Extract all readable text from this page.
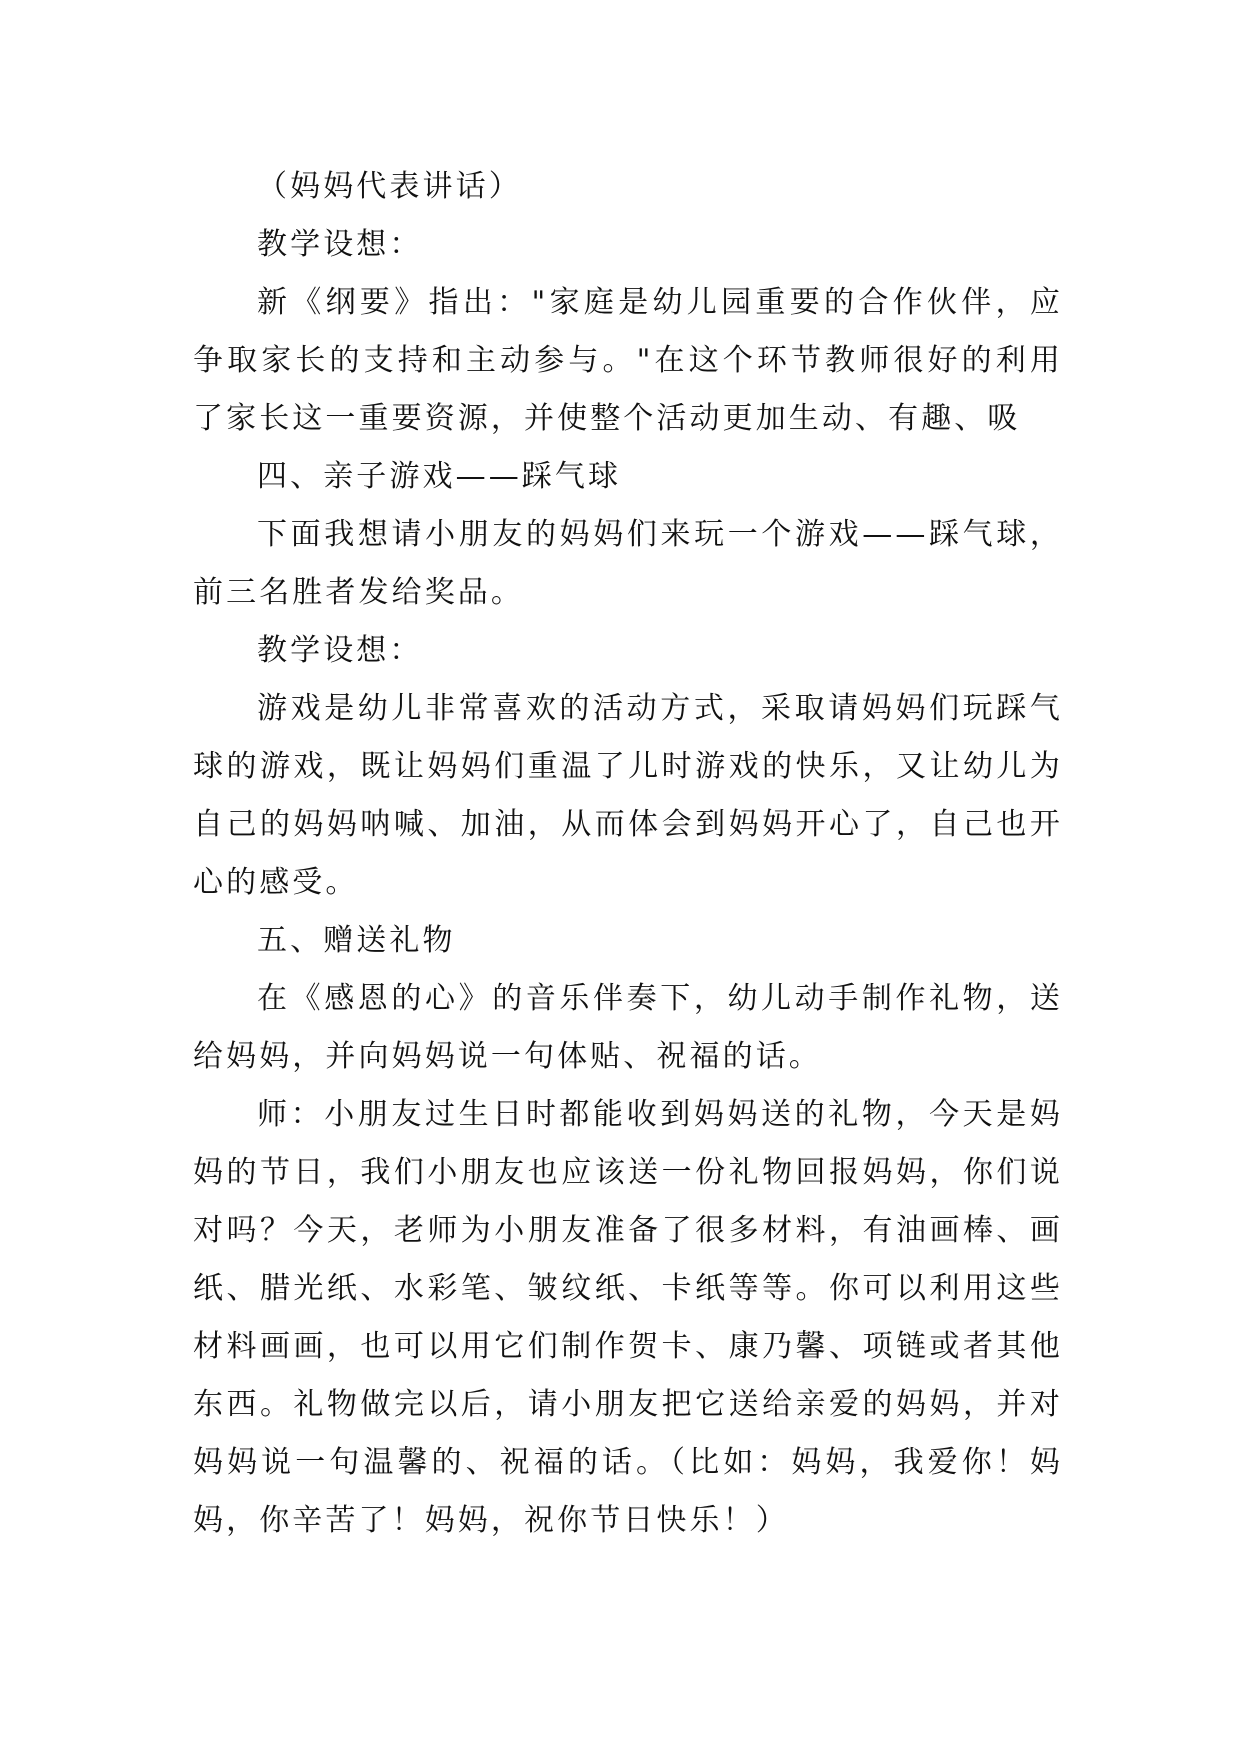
（妈妈代表讲话）

教学设想：

新《纲要》指出："家庭是幼儿园重要的合作伙伴，应争取家长的支持和主动参与。"在这个环节教师很好的利用了家长这一重要资源，并使整个活动更加生动、有趣、吸

四、亲子游戏——踩气球

下面我想请小朋友的妈妈们来玩一个游戏——踩气球，前三名胜者发给奖品。

教学设想：

游戏是幼儿非常喜欢的活动方式，采取请妈妈们玩踩气球的游戏，既让妈妈们重温了儿时游戏的快乐，又让幼儿为自己的妈妈呐喊、加油，从而体会到妈妈开心了，自己也开心的感受。

五、赠送礼物

在《感恩的心》的音乐伴奏下，幼儿动手制作礼物，送给妈妈，并向妈妈说一句体贴、祝福的话。

师：小朋友过生日时都能收到妈妈送的礼物，今天是妈妈的节日，我们小朋友也应该送一份礼物回报妈妈，你们说对吗？今天，老师为小朋友准备了很多材料，有油画棒、画纸、腊光纸、水彩笔、皱纹纸、卡纸等等。你可以利用这些材料画画，也可以用它们制作贺卡、康乃馨、项链或者其他东西。礼物做完以后，请小朋友把它送给亲爱的妈妈，并对妈妈说一句温馨的、祝福的话。（比如：妈妈，我爱你！妈妈，你辛苦了！妈妈，祝你节日快乐！）
